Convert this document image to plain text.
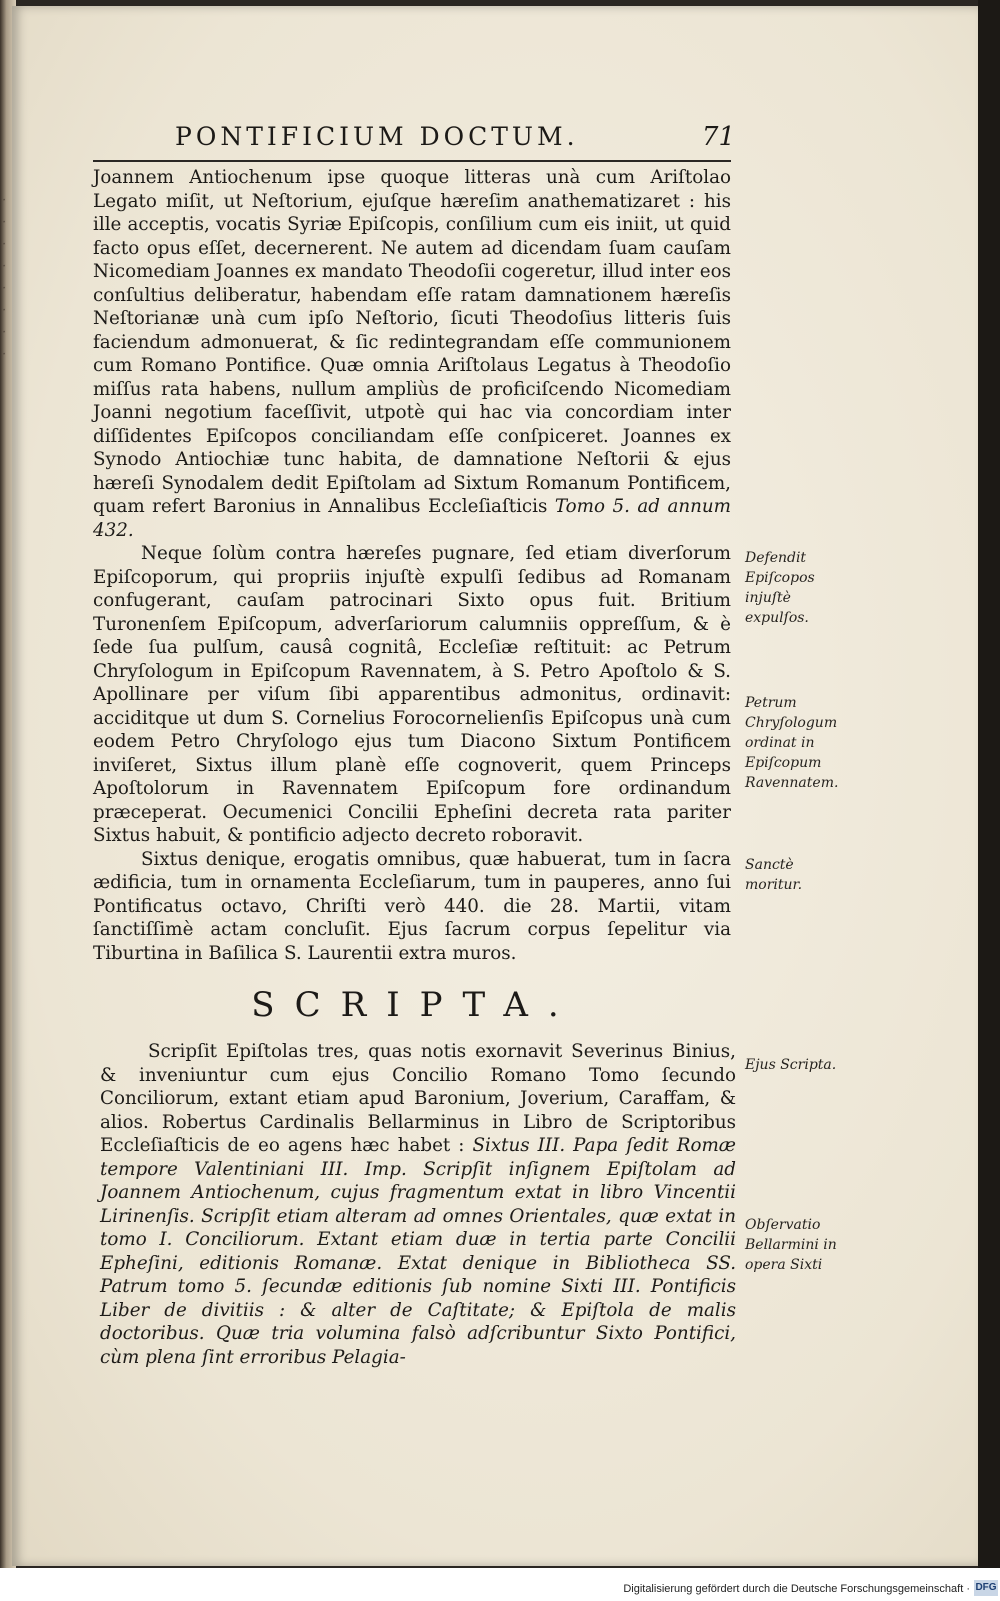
·
·
·
·
·
·
·
·
PONTIFICIUM DOCTUM.	71

Joannem Antiochenum ipse quoque litteras unà cum Ariſtolao Legato miſit, ut Neſtorium, ejuſque hæreſim anathematizaret : his ille acceptis, vocatis Syriæ Epiſcopis, conſilium cum eis iniit, ut quid facto opus eſſet, decernerent. Ne autem ad dicendam ſuam cauſam Nicomediam Joannes ex mandato Theodoſii cogeretur, illud inter eos conſultius deliberatur, habendam eſſe ratam damnationem hæreſis Neſtorianæ unà cum ipſo Neſtorio, ſicuti Theodoſius litteris ſuis faciendum admonuerat, & ſic redintegrandam eſſe communionem cum Romano Pontifice. Quæ omnia Ariſtolaus Legatus à Theodoſio miſſus rata habens, nullum ampliùs de proficiſcendo Nicomediam Joanni negotium faceſſivit, utpotè qui hac via concordiam inter diſſidentes Epiſcopos conciliandam eſſe conſpiceret. Joannes ex Synodo Antiochiæ tunc habita, de damnatione Neſtorii & ejus hæreſi Synodalem dedit Epiſtolam ad Sixtum Romanum Pontificem, quam refert Baronius in Annalibus Eccleſiaſticis Tomo 5. ad annum 432.

Neque ſolùm contra hæreſes pugnare, ſed etiam diverſorum Epiſcoporum, qui propriis injuſtè expulſi ſedibus ad Romanam confugerant, cauſam patrocinari Sixto opus fuit. Britium Turonenſem Epiſcopum, adverſariorum calumniis oppreſſum, & è ſede ſua pulſum, causâ cognitâ, Eccleſiæ reſtituit: ac Petrum Chryſologum in Epiſcopum Ravennatem, à S. Petro Apoſtolo & S. Apollinare per viſum ſibi apparentibus admonitus, ordinavit: acciditque ut dum S. Cornelius Forocornelienſis Epiſcopus unà cum eodem Petro Chryſologo ejus tum Diacono Sixtum Pontificem inviſeret, Sixtus illum planè eſſe cognoverit, quem Princeps Apoſtolorum in Ravennatem Epiſcopum fore ordinandum præceperat. Oecumenici Concilii Epheſini decreta rata pariter Sixtus habuit, & pontificio adjecto decreto roboravit.

Sixtus denique, erogatis omnibus, quæ habuerat, tum in ſacra ædificia, tum in ornamenta Eccleſiarum, tum in pauperes, anno ſui Pontificatus octavo, Chriſti verò 440. die 28. Martii, vitam ſanctiſſimè actam concluſit. Ejus ſacrum corpus ſepelitur via Tiburtina in Baſilica S. Laurentii extra muros.

SCRIPTA.

Scripſit Epiſtolas tres, quas notis exornavit Severinus Binius, & inveniuntur cum ejus Concilio Romano Tomo ſecundo Conciliorum, extant etiam apud Baronium, Joverium, Caraffam, & alios. Robertus Cardinalis Bellarminus in Libro de Scriptoribus Eccleſiaſticis de eo agens hæc habet : Sixtus III. Papa ſedit Romæ tempore Valentiniani III. Imp. Scripſit inſignem Epiſtolam ad Joannem Antiochenum, cujus fragmentum extat in libro Vincentii Lirinenſis. Scripſit etiam alteram ad omnes Orientales, quæ extat in tomo I. Conciliorum. Extant etiam duæ in tertia parte Concilii Epheſini, editionis Romanæ. Extat denique in Bibliotheca SS. Patrum tomo 5. ſecundæ editionis ſub nomine Sixti III. Pontificis Liber de divitiis : & alter de Caſtitate; & Epiſtola de malis doctoribus. Quæ tria volumina falsò adſcribuntur Sixto Pontifici, cùm plena ſint erroribus Pelagia-

Defendit Epiſcopos injuſtè expulſos.
Petrum Chryſologum ordinat in Epiſcopum Ravennatem.
Sanctè moritur.
Ejus Scripta.
Obſervatio Bellarmini in opera Sixti
Digitalisierung gefördert durch die Deutsche Forschungsgemeinschaft · DFG
